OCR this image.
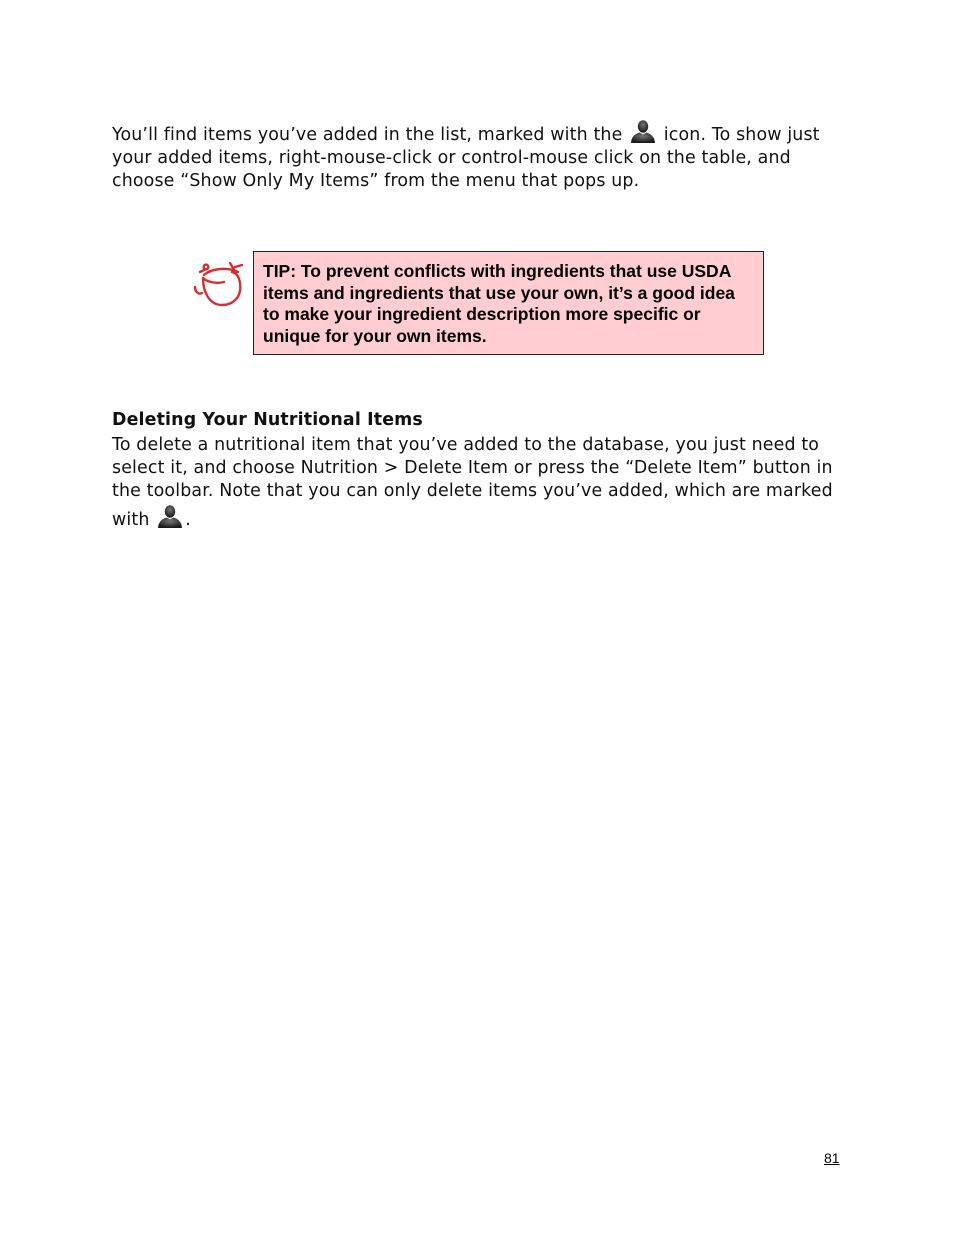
You’ll find items you’ve added in the list, marked with the  icon. To show just your added items, right-mouse-click or control-mouse click on the table, and choose “Show Only My Items” from the menu that pops up.

TIP: To prevent conflicts with ingredients that use USDA items and ingredients that use your own, it’s a good idea to make your ingredient description more specific or unique for your own items.
Deleting Your Nutritional Items

To delete a nutritional item that you’ve added to the database, you just need to select it, and choose Nutrition > Delete Item or press the “Delete Item” button in the toolbar. Note that you can only delete items you’ve added, which are marked with .

81
